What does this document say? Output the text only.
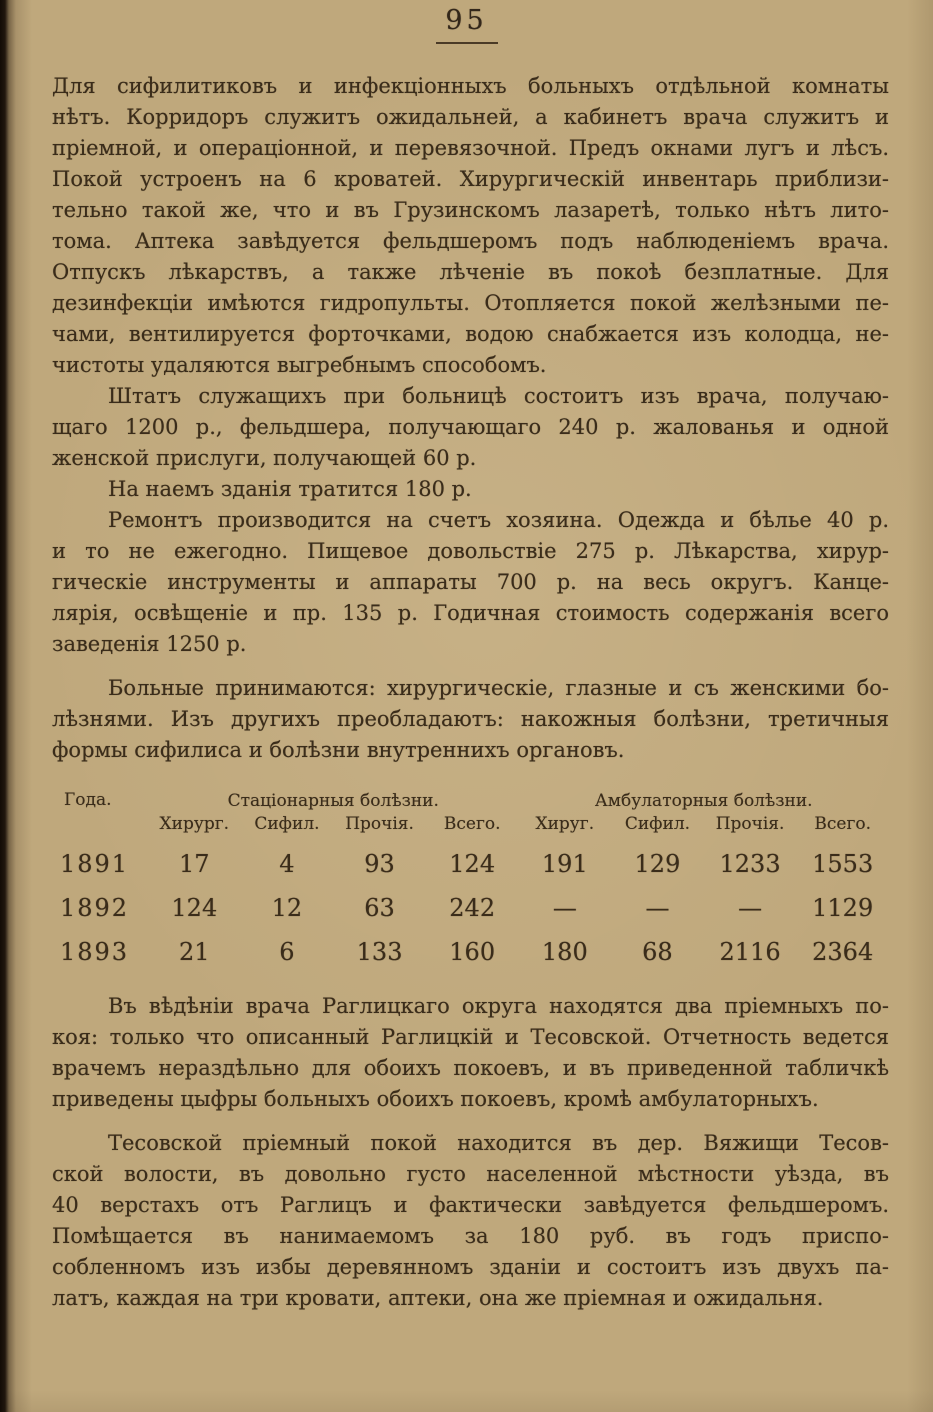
95
Для сифилитиковъ и инфекціонныхъ больныхъ отдѣльной комнаты
нѣтъ. Корридоръ служитъ ожидальней, а кабинетъ врача служитъ и
пріемной, и операціонной, и перевязочной. Предъ окнами лугъ и лѣсъ.
Покой устроенъ на 6 кроватей. Хирургическій инвентарь приблизи-
тельно такой же, что и въ Грузинскомъ лазаретѣ, только нѣтъ лито-
тома. Аптека завѣдуется фельдшеромъ подъ наблюденіемъ врача.
Отпускъ лѣкарствъ, а также лѣченіе въ покоѣ безплатные. Для
дезинфекціи имѣются гидропульты. Отопляется покой желѣзными пе-
чами, вентилируется форточками, водою снабжается изъ колодца, не-
чистоты удаляются выгребнымъ способомъ.
Штатъ служащихъ при больницѣ состоитъ изъ врача, получаю-
щаго 1200 р., фельдшера, получающаго 240 р. жалованья и одной
женской прислуги, получающей 60 р.
На наемъ зданія тратится 180 р.
Ремонтъ производится на счетъ хозяина. Одежда и бѣлье 40 р.
и то не ежегодно. Пищевое довольствіе 275 р. Лѣкарства, хирур-
гическіе инструменты и аппараты 700 р. на весь округъ. Канце-
лярія, освѣщеніе и пр. 135 р. Годичная стоимость содержанія всего
заведенія 1250 р.
Больные принимаются: хирургическіе, глазные и съ женскими бо-
лѣзнями. Изъ другихъ преобладаютъ: накожныя болѣзни, третичныя
формы сифилиса и болѣзни внутреннихъ органовъ.
Года.	Стаціонарныя болѣзни.	Амбулаторныя болѣзни.
Хирург.	Сифил.	Прочія.	Всего.	Хируг.	Сифил.	Прочія.	Всего.
1891	17	4	93	124	191	129	1233	1553
1892	124	12	63	242	—	—	—	1129
1893	21	6	133	160	180	68	2116	2364
Въ вѣдѣніи врача Раглицкаго округа находятся два пріемныхъ по-
коя: только что описанный Раглицкій и Тесовской. Отчетность ведется
врачемъ нераздѣльно для обоихъ покоевъ, и въ приведенной табличкѣ
приведены цыфры больныхъ обоихъ покоевъ, кромѣ амбулаторныхъ.
Тесовской пріемный покой находится въ дер. Вяжищи Тесов-
ской волости, въ довольно густо населенной мѣстности уѣзда, въ
40 верстахъ отъ Раглицъ и фактически завѣдуется фельдшеромъ.
Помѣщается въ нанимаемомъ за 180 руб. въ годъ приспо-
собленномъ изъ избы деревянномъ зданіи и состоитъ изъ двухъ па-
латъ, каждая на три кровати, аптеки, она же пріемная и ожидальня.
